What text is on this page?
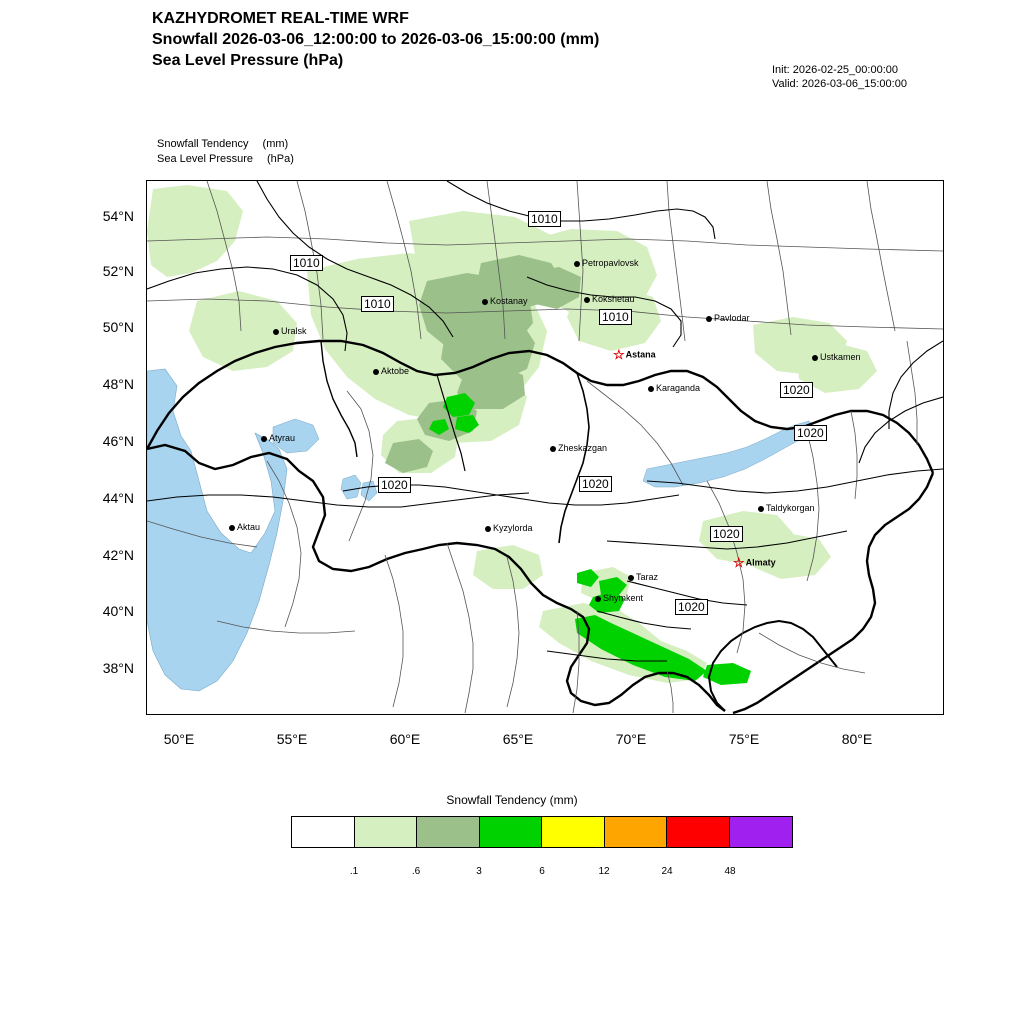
KAZHYDROMET REAL-TIME WRF
Snowfall 2026-03-06_12:00:00 to 2026-03-06_15:00:00 (mm)
Sea Level Pressure (hPa)
Init: 2026-02-25_00:00:00
Valid: 2026-03-06_15:00:00
Snowfall Tendency (mm)
Sea Level Pressure (hPa)
54°N
52°N
50°N
48°N
46°N
44°N
42°N
40°N
38°N
50°E	55°E	60°E	65°E	70°E	75°E	80°E
1010
1010
1010
1010
1020
1020
1020	1020
1020
1020
Uralsk
Aktobe
Atyrau
Aktau
Kostanay
Petropavlovsk
Kokshetau
Pavlodar
Karaganda
Ustkamen
Zheskazgan
Kyzylorda
Taldykorgan
Taraz
Shymkent
☆Astana
☆Almaty
Snowfall Tendency (mm)
.1	.6	3	6	12	24	48
